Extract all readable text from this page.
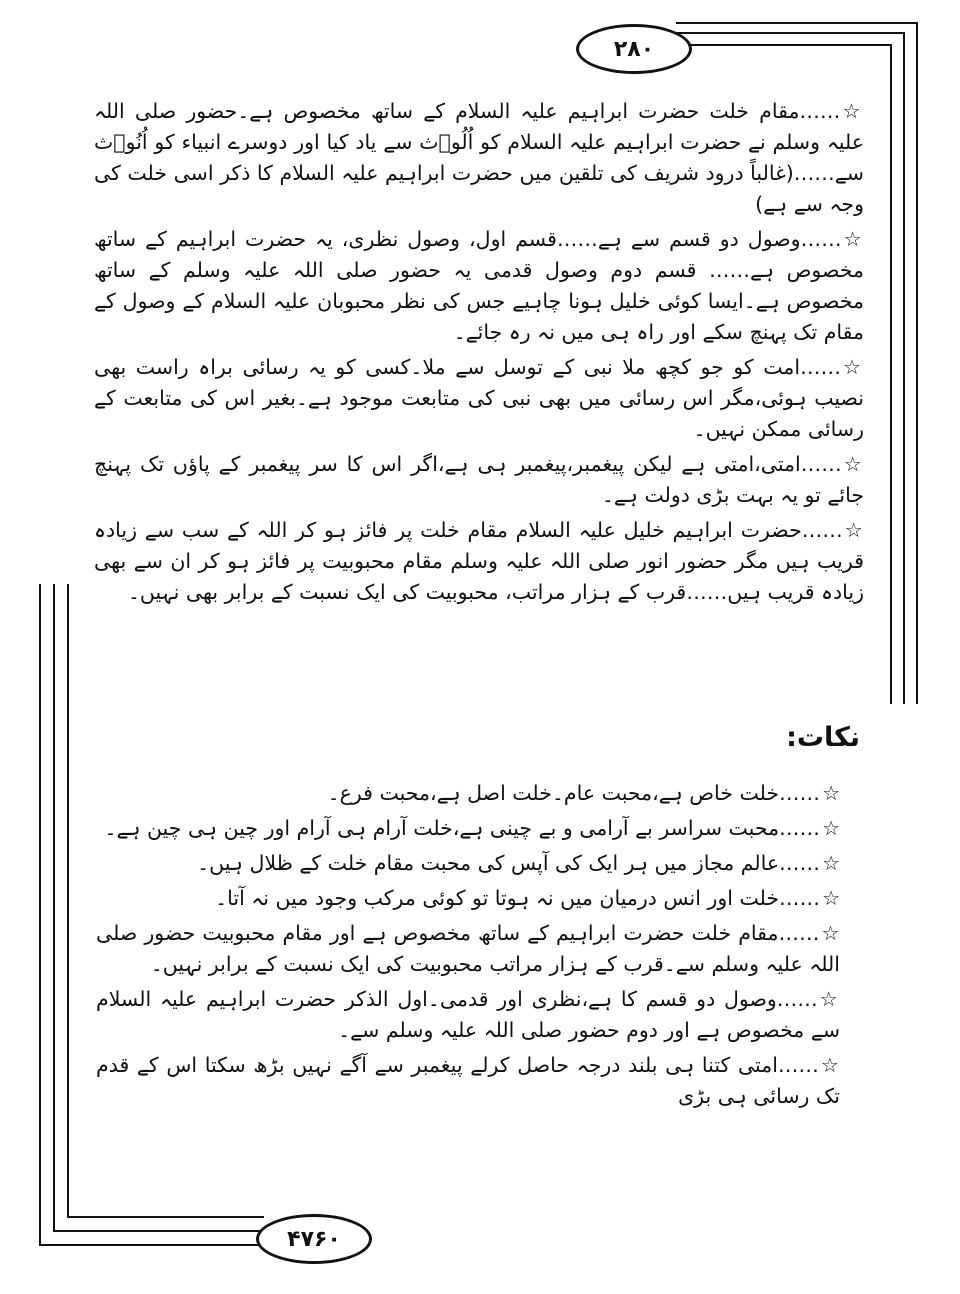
۲۸۰
۴۷۶۰

☆……مقام خلت حضرت ابراہیم علیہ السلام کے ساتھ مخصوص ہے۔حضور صلی اللہ علیہ وسلم نے حضرت ابراہیم علیہ السلام کو اُلُوۡث سے یاد کیا اور دوسرے انبیاء کو اُنُوۡث سے……(غالباً درود شریف کی تلقین میں حضرت ابراہیم علیہ السلام کا ذکر اسی خلت کی وجہ سے ہے)

☆……وصول دو قسم سے ہے……قسم اول، وصول نظری، یہ حضرت ابراہیم کے ساتھ مخصوص ہے…… قسم دوم وصول قدمی یہ حضور صلی اللہ علیہ وسلم کے ساتھ مخصوص ہے۔ایسا کوئی خلیل ہونا چاہیے جس کی نظر محبوبان علیہ السلام کے وصول کے مقام تک پہنچ سکے اور راہ ہی میں نہ رہ جائے۔

☆……امت کو جو کچھ ملا نبی کے توسل سے ملا۔کسی کو یہ رسائی براہ راست بھی نصیب ہوئی،مگر اس رسائی میں بھی نبی کی متابعت موجود ہے۔بغیر اس کی متابعت کے رسائی ممکن نہیں۔

☆……امتی،امتی ہے لیکن پیغمبر،پیغمبر ہی ہے،اگر اس کا سر پیغمبر کے پاؤں تک پہنچ جائے تو یہ بہت بڑی دولت ہے۔

☆……حضرت ابراہیم خلیل علیہ السلام مقام خلت پر فائز ہو کر اللہ کے سب سے زیادہ قریب ہیں مگر حضور انور صلی اللہ علیہ وسلم مقام محبوبیت پر فائز ہو کر ان سے بھی زیادہ قریب ہیں……قرب کے ہزار مراتب، محبوبیت کی ایک نسبت کے برابر بھی نہیں۔

نکات:

☆……خلت خاص ہے،محبت عام۔خلت اصل ہے،محبت فرع۔

☆……محبت سراسر بے آرامی و بے چینی ہے،خلت آرام ہی آرام اور چین ہی چین ہے۔

☆……عالم مجاز میں ہر ایک کی آپس کی محبت مقام خلت کے ظلال ہیں۔

☆……خلت اور انس درمیان میں نہ ہوتا تو کوئی مرکب وجود میں نہ آتا۔

☆……مقام خلت حضرت ابراہیم کے ساتھ مخصوص ہے اور مقام محبوبیت حضور صلی اللہ علیہ وسلم سے۔قرب کے ہزار مراتب محبوبیت کی ایک نسبت کے برابر نہیں۔

☆……وصول دو قسم کا ہے،نظری اور قدمی۔اول الذکر حضرت ابراہیم علیہ السلام سے مخصوص ہے اور دوم حضور صلی اللہ علیہ وسلم سے۔

☆……امتی کتنا ہی بلند درجہ حاصل کرلے پیغمبر سے آگے نہیں بڑھ سکتا اس کے قدم تک رسائی ہی بڑی
